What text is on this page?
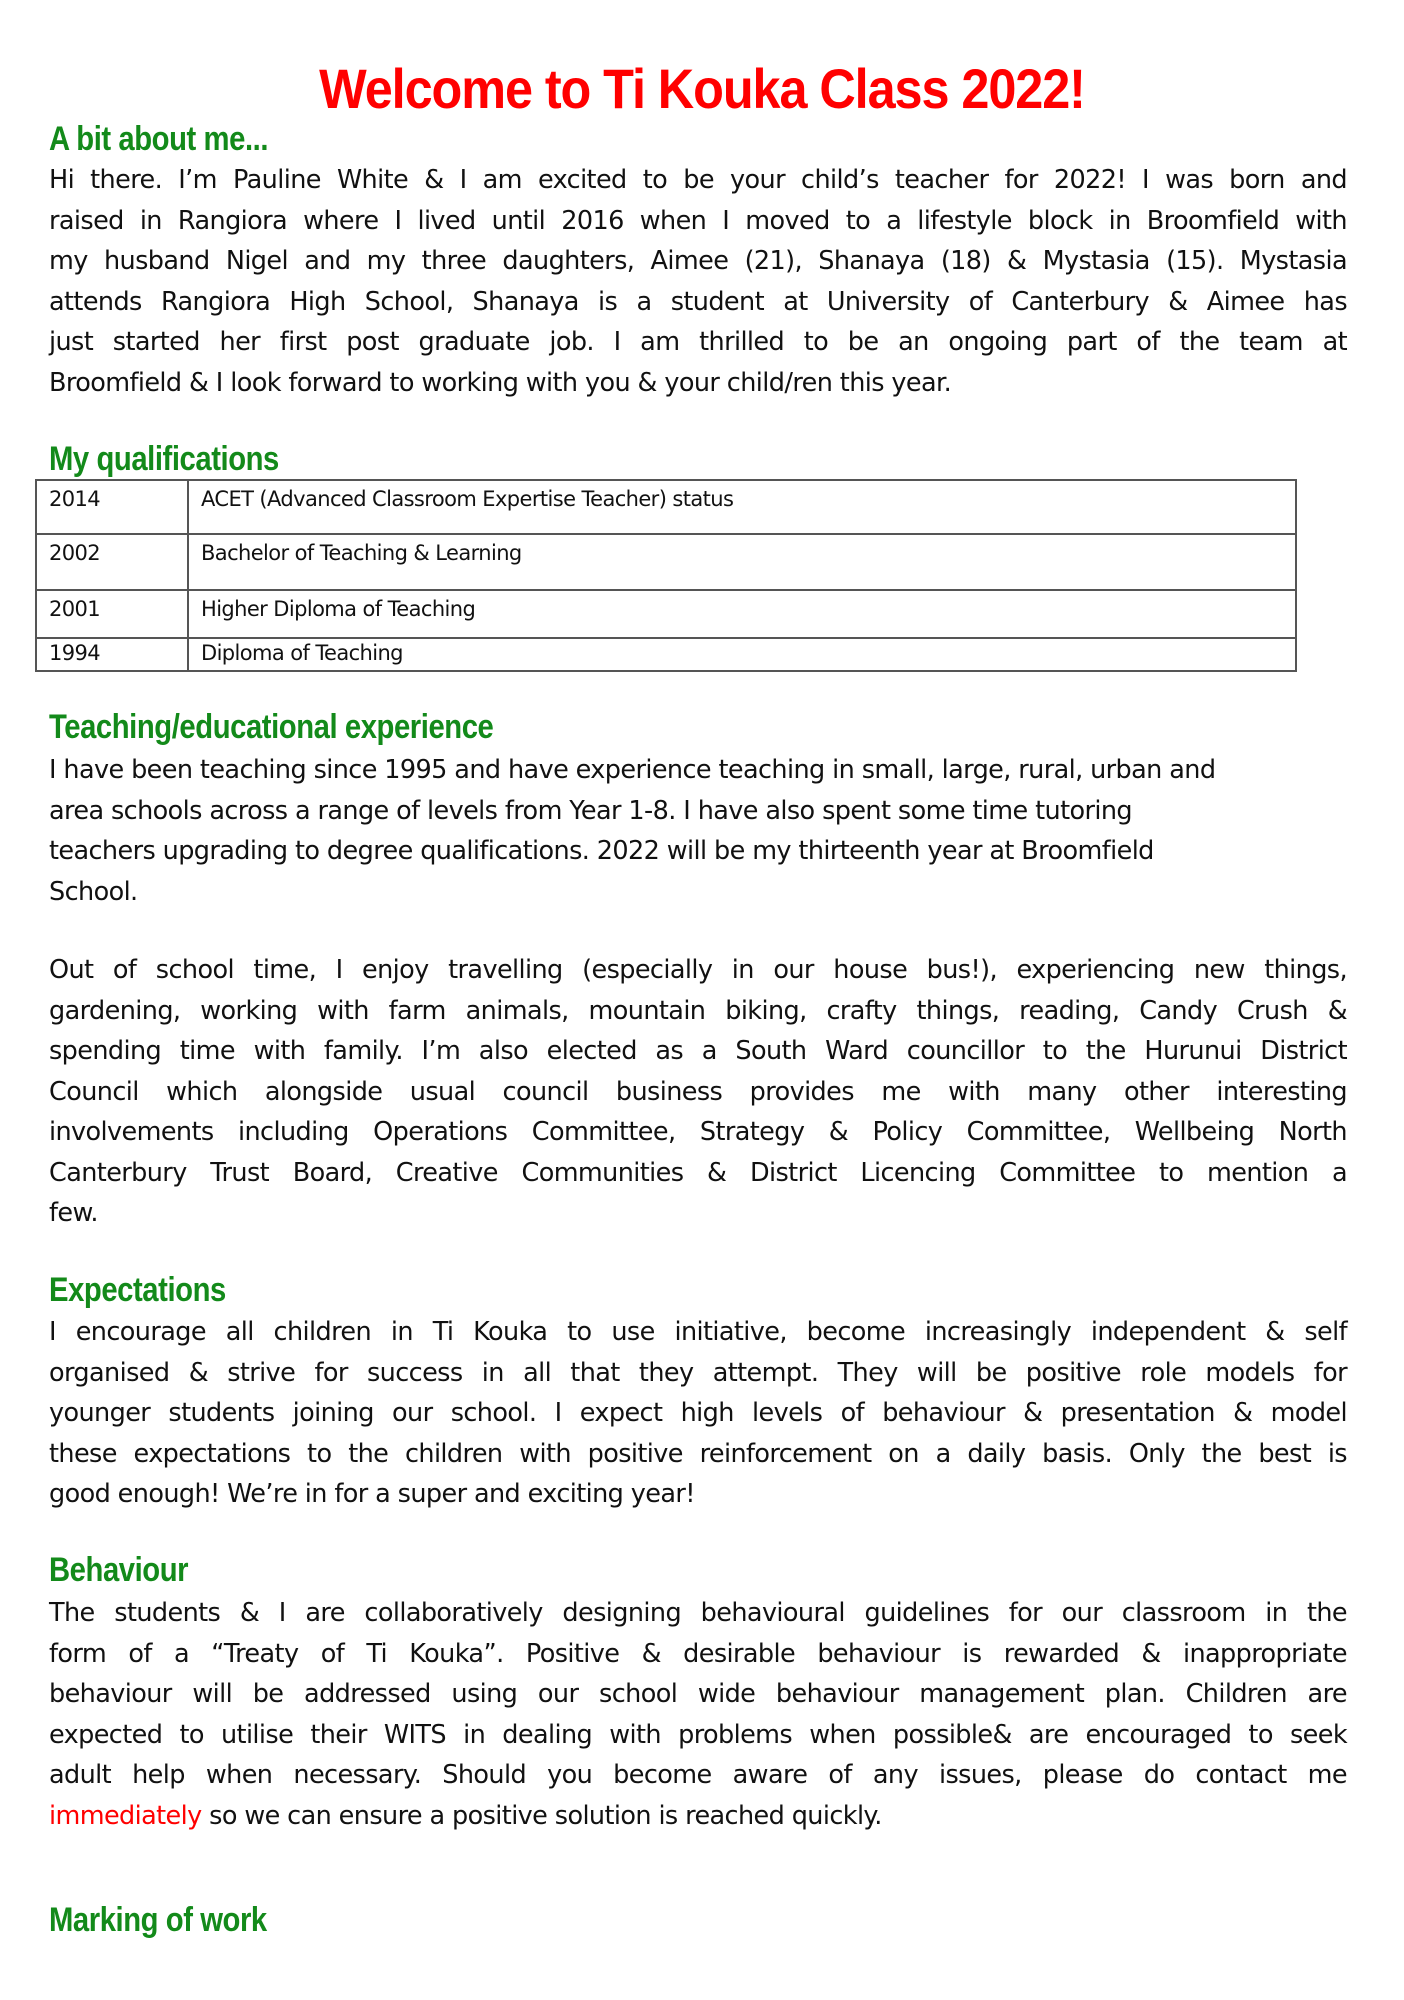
Welcome to Ti Kouka Class 2022!
A bit about me...
Hi there. I’m Pauline White & I am excited to be your child’s teacher for 2022! I was born and
raised in Rangiora where I lived until 2016 when I moved to a lifestyle block in Broomfield with
my husband Nigel and my three daughters, Aimee (21), Shanaya (18) & Mystasia (15). Mystasia
attends Rangiora High School, Shanaya is a student at University of Canterbury & Aimee has
just started her first post graduate job. I am thrilled to be an ongoing part of the team at
Broomfield & I look forward to working with you & your child/ren this year.
My qualifications
2014	ACET (Advanced Classroom Expertise Teacher) status
2002	Bachelor of Teaching & Learning
2001	Higher Diploma of Teaching
1994	Diploma of Teaching
Teaching/educational experience
I have been teaching since 1995 and have experience teaching in small, large, rural, urban and
area schools across a range of levels from Year 1-8. I have also spent some time tutoring
teachers upgrading to degree qualifications. 2022 will be my thirteenth year at Broomfield
School.
Out of school time, I enjoy travelling (especially in our house bus!), experiencing new things,
gardening, working with farm animals, mountain biking, crafty things, reading, Candy Crush &
spending time with family. I’m also elected as a South Ward councillor to the Hurunui District
Council which alongside usual council business provides me with many other interesting
involvements including Operations Committee, Strategy & Policy Committee, Wellbeing North
Canterbury Trust Board, Creative Communities & District Licencing Committee to mention a
few.
Expectations
I encourage all children in Ti Kouka to use initiative, become increasingly independent & self
organised & strive for success in all that they attempt. They will be positive role models for
younger students joining our school. I expect high levels of behaviour & presentation & model
these expectations to the children with positive reinforcement on a daily basis. Only the best is
good enough! We’re in for a super and exciting year!
Behaviour
The students & I are collaboratively designing behavioural guidelines for our classroom in the
form of a “Treaty of Ti Kouka”. Positive & desirable behaviour is rewarded & inappropriate
behaviour will be addressed using our school wide behaviour management plan. Children are
expected to utilise their WITS in dealing with problems when possible& are encouraged to seek
adult help when necessary. Should you become aware of any issues, please do contact me
immediately so we can ensure a positive solution is reached quickly.
Marking of work
